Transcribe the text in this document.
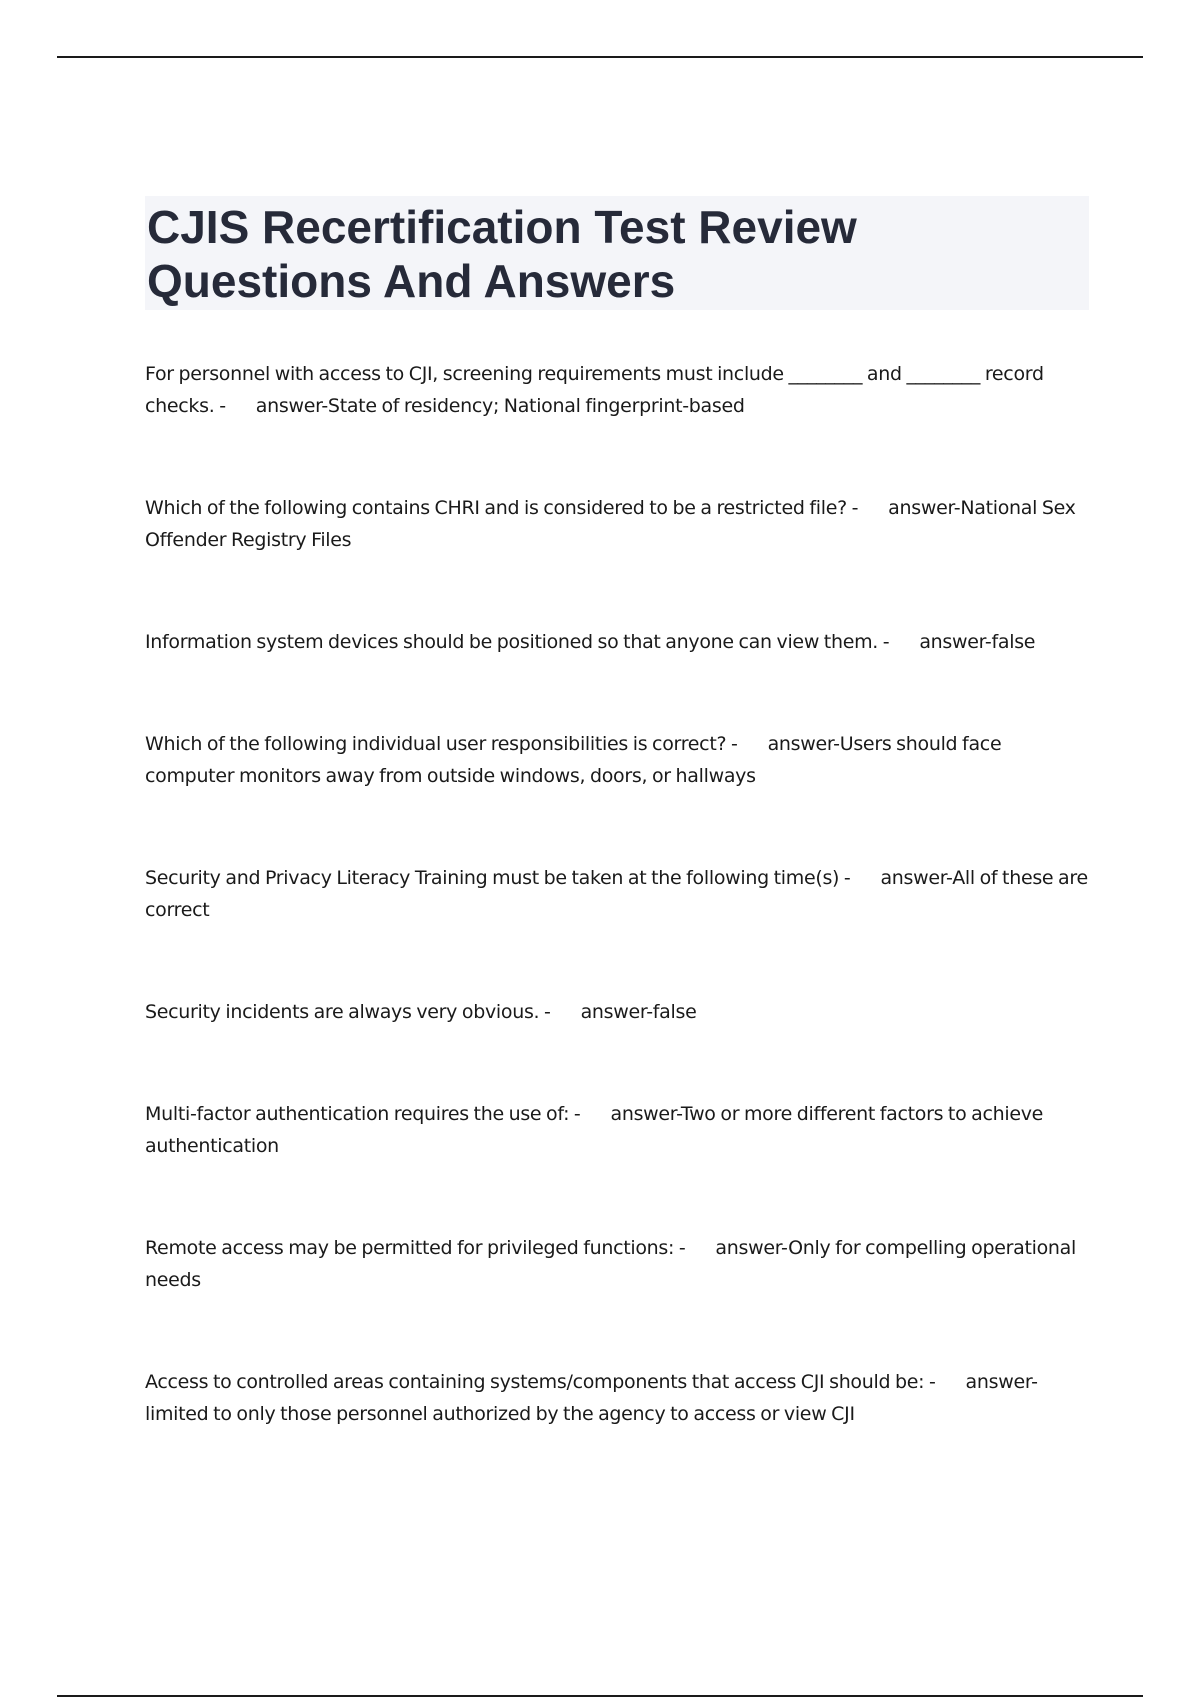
CJIS Recertification Test Review
Questions And Answers

For personnel with access to CJI, screening requirements must include ________ and ________ record checks. - answer-State of residency; National fingerprint-based

Which of the following contains CHRI and is considered to be a restricted file? - answer-National Sex Offender Registry Files

Information system devices should be positioned so that anyone can view them. - answer-false

Which of the following individual user responsibilities is correct? - answer-Users should face computer monitors away from outside windows, doors, or hallways

Security and Privacy Literacy Training must be taken at the following time(s) - answer-All of these are correct

Security incidents are always very obvious. - answer-false

Multi-factor authentication requires the use of: - answer-Two or more different factors to achieve authentication

Remote access may be permitted for privileged functions: - answer-Only for compelling operational needs

Access to controlled areas containing systems/components that access CJI should be: - answer-limited to only those personnel authorized by the agency to access or view CJI
